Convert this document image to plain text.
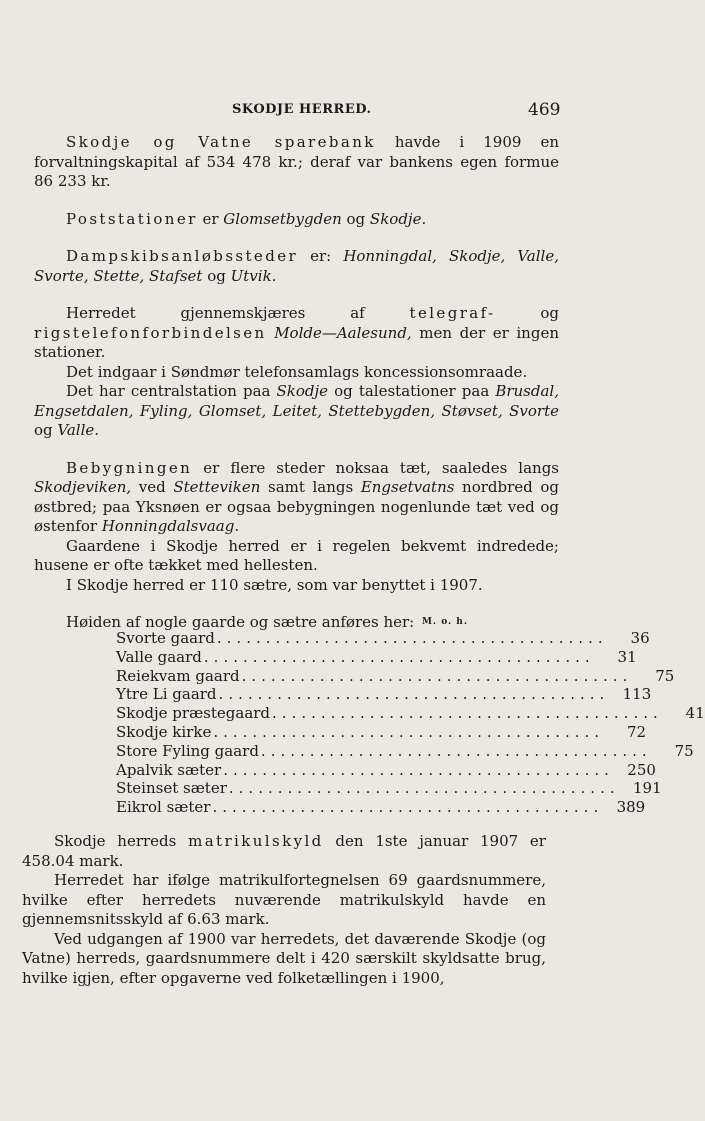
SKODJE HERRED.	469

Skodje og Vatne sparebank havde i 1909 en forvaltningskapital af 534 478 kr.; deraf var bankens egen formue 86 233 kr.

Poststationer er Glomsetbygden og Skodje.

Dampskibsanløbssteder er: Honningdal, Skodje, Valle, Svorte, Stette, Stafset og Utvik.

Herredet gjennemskjæres af telegraf- og rigstelefonforbindelsen Molde—Aalesund, men der er ingen stationer.

Det indgaar i Søndmør telefonsamlags koncessionsomraade.

Det har centralstation paa Skodje og talestationer paa Brusdal, Engsetdalen, Fyling, Glomset, Leitet, Stettebygden, Støvset, Svorte og Valle.

Bebygningen er flere steder noksaa tæt, saaledes langs Skodjeviken, ved Stetteviken samt langs Engsetvatns nordbred og østbred; paa Yksnøen er ogsaa bebygningen nogenlunde tæt ved og østenfor Honningdalsvaag.

Gaardene i Skodje herred er i regelen bekvemt indrededе; husene er ofte tækket med hellesten.

I Skodje herred er 110 sætre, som var benyttet i 1907.

Høiden af nogle gaarde og sætre anføres her: M. o. h.
Svorte gaard ........................................	36
Valle gaard ........................................	31
Reiekvam gaard ........................................	75
Ytre Li gaard ........................................ 113
Skodje præstegaard ........................................	41
Skodje kirke ........................................	72
Store Fyling gaard ........................................	75
Apalvik sæter ........................................ 250
Steinset sæter ........................................ 191
Eikrol sæter ........................................ 389

Skodje herreds matrikulskyld den 1ste januar 1907 er 458.04 mark.

Herredet har ifølge matrikulfortegnelsen 69 gaardsnummere, hvilke efter herredets nuværende matrikulskyld havde en gjennemsnitsskyld af 6.63 mark.

Ved udgangen af 1900 var herredets, det daværende Skodje (og Vatne) herreds, gaardsnummere delt i 420 særskilt skyldsatte brug, hvilke igjen, efter opgaverne ved folketællingen i 1900,
